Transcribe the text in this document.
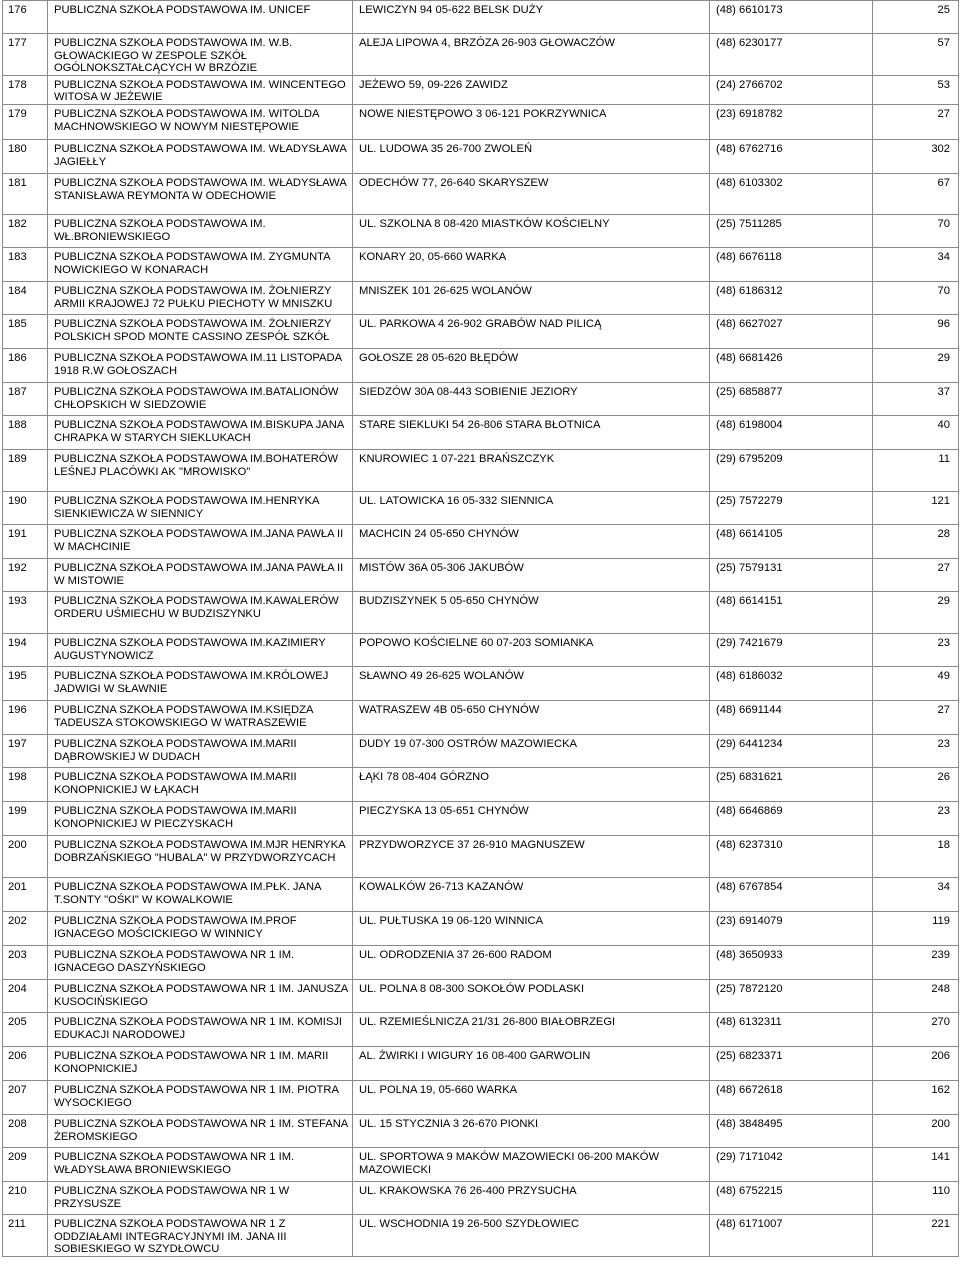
176	PUBLICZNA SZKOŁA PODSTAWOWA IM. UNICEF	LEWICZYN 94 05-622 BELSK DUŻY	(48) 6610173	25
177	PUBLICZNA SZKOŁA PODSTAWOWA IM. W.B. GŁOWACKIEGO W ZESPOLE SZKÓŁ OGÓLNOKSZTAŁCĄCYCH W BRZÓZIE	ALEJA LIPOWA 4, BRZÓZA 26-903 GŁOWACZÓW	(48) 6230177	57
178	PUBLICZNA SZKOŁA PODSTAWOWA IM. WINCENTEGO WITOSA W JEŻEWIE	JEŻEWO 59, 09-226 ZAWIDZ	(24) 2766702	53
179	PUBLICZNA SZKOŁA PODSTAWOWA IM. WITOLDA MACHNOWSKIEGO W NOWYM NIESTĘPOWIE	NOWE NIESTĘPOWO 3 06-121 POKRZYWNICA	(23) 6918782	27
180	PUBLICZNA SZKOŁA PODSTAWOWA IM. WŁADYSŁAWA JAGIEŁŁY	UL. LUDOWA 35 26-700 ZWOLEŃ	(48) 6762716	302
181	PUBLICZNA SZKOŁA PODSTAWOWA IM. WŁADYSŁAWA STANISŁAWA REYMONTA W ODECHOWIE	ODECHÓW 77, 26-640 SKARYSZEW	(48) 6103302	67
182	PUBLICZNA SZKOŁA PODSTAWOWA IM. WŁ.BRONIEWSKIEGO	UL. SZKOLNA 8 08-420 MIASTKÓW KOŚCIELNY	(25) 7511285	70
183	PUBLICZNA SZKOŁA PODSTAWOWA IM. ZYGMUNTA NOWICKIEGO W KONARACH	KONARY 20, 05-660 WARKA	(48) 6676118	34
184	PUBLICZNA SZKOŁA PODSTAWOWA IM. ŻOŁNIERZY ARMII KRAJOWEJ 72 PUŁKU PIECHOTY W MNISZKU	MNISZEK 101 26-625 WOLANÓW	(48) 6186312	70
185	PUBLICZNA SZKOŁA PODSTAWOWA IM. ŻOŁNIERZY POLSKICH SPOD MONTE CASSINO ZESPÓŁ SZKÓŁ	UL. PARKOWA 4 26-902 GRABÓW NAD PILICĄ	(48) 6627027	96
186	PUBLICZNA SZKOŁA PODSTAWOWA IM.11 LISTOPADA 1918 R.W GOŁOSZACH	GOŁOSZE 28 05-620 BŁĘDÓW	(48) 6681426	29
187	PUBLICZNA SZKOŁA PODSTAWOWA IM.BATALIONÓW CHŁOPSKICH W SIEDZOWIE	SIEDZÓW 30A 08-443 SOBIENIE JEZIORY	(25) 6858877	37
188	PUBLICZNA SZKOŁA PODSTAWOWA IM.BISKUPA JANA CHRAPKA W STARYCH SIEKLUKACH	STARE SIEKLUKI 54 26-806 STARA BŁOTNICA	(48) 6198004	40
189	PUBLICZNA SZKOŁA PODSTAWOWA IM.BOHATERÓW LEŚNEJ PLACÓWKI AK "MROWISKO"	KNUROWIEC 1 07-221 BRAŃSZCZYK	(29) 6795209	11
190	PUBLICZNA SZKOŁA PODSTAWOWA IM.HENRYKA SIENKIEWICZA W SIENNICY	UL. LATOWICKA 16 05-332 SIENNICA	(25) 7572279	121
191	PUBLICZNA SZKOŁA PODSTAWOWA IM.JANA PAWŁA II W MACHCINIE	MACHCIN 24 05-650 CHYNÓW	(48) 6614105	28
192	PUBLICZNA SZKOŁA PODSTAWOWA IM.JANA PAWŁA II W MISTOWIE	MISTÓW 36A 05-306 JAKUBÓW	(25) 7579131	27
193	PUBLICZNA SZKOŁA PODSTAWOWA IM.KAWALERÓW ORDERU UŚMIECHU W BUDZISZYNKU	BUDZISZYNEK 5 05-650 CHYNÓW	(48) 6614151	29
194	PUBLICZNA SZKOŁA PODSTAWOWA IM.KAZIMIERY AUGUSTYNOWICZ	POPOWO KOŚCIELNE 60 07-203 SOMIANKA	(29) 7421679	23
195	PUBLICZNA SZKOŁA PODSTAWOWA IM.KRÓLOWEJ JADWIGI W SŁAWNIE	SŁAWNO 49 26-625 WOLANÓW	(48) 6186032	49
196	PUBLICZNA SZKOŁA PODSTAWOWA IM.KSIĘDZA TADEUSZA STOKOWSKIEGO W WATRASZEWIE	WATRASZEW 4B 05-650 CHYNÓW	(48) 6691144	27
197	PUBLICZNA SZKOŁA PODSTAWOWA IM.MARII DĄBROWSKIEJ W DUDACH	DUDY 19 07-300 OSTRÓW MAZOWIECKA	(29) 6441234	23
198	PUBLICZNA SZKOŁA PODSTAWOWA IM.MARII KONOPNICKIEJ W ŁĄKACH	ŁĄKI 78 08-404 GÓRZNO	(25) 6831621	26
199	PUBLICZNA SZKOŁA PODSTAWOWA IM.MARII KONOPNICKIEJ W PIECZYSKACH	PIECZYSKA 13 05-651 CHYNÓW	(48) 6646869	23
200	PUBLICZNA SZKOŁA PODSTAWOWA IM.MJR HENRYKA DOBRZAŃSKIEGO "HUBALA" W PRZYDWORZYCACH	PRZYDWORZYCE 37 26-910 MAGNUSZEW	(48) 6237310	18
201	PUBLICZNA SZKOŁA PODSTAWOWA IM.PŁK. JANA T.SONTY "OŚKI" W KOWALKOWIE	KOWALKÓW 26-713 KAZANÓW	(48) 6767854	34
202	PUBLICZNA SZKOŁA PODSTAWOWA IM.PROF IGNACEGO MOŚCICKIEGO W WINNICY	UL. PUŁTUSKA 19 06-120 WINNICA	(23) 6914079	119
203	PUBLICZNA SZKOŁA PODSTAWOWA NR 1 IM. IGNACEGO DASZYŃSKIEGO	UL. ODRODZENIA 37 26-600 RADOM	(48) 3650933	239
204	PUBLICZNA SZKOŁA PODSTAWOWA NR 1 IM. JANUSZA KUSOCIŃSKIEGO	UL. POLNA 8 08-300 SOKOŁÓW PODLASKI	(25) 7872120	248
205	PUBLICZNA SZKOŁA PODSTAWOWA NR 1 IM. KOMISJI EDUKACJI NARODOWEJ	UL. RZEMIEŚLNICZA 21/31 26-800 BIAŁOBRZEGI	(48) 6132311	270
206	PUBLICZNA SZKOŁA PODSTAWOWA NR 1 IM. MARII KONOPNICKIEJ	AL. ŻWIRKI I WIGURY 16 08-400 GARWOLIN	(25) 6823371	206
207	PUBLICZNA SZKOŁA PODSTAWOWA NR 1 IM. PIOTRA WYSOCKIEGO	UL. POLNA 19, 05-660 WARKA	(48) 6672618	162
208	PUBLICZNA SZKOŁA PODSTAWOWA NR 1 IM. STEFANA ŻEROMSKIEGO	UL. 15 STYCZNIA 3 26-670 PIONKI	(48) 3848495	200
209	PUBLICZNA SZKOŁA PODSTAWOWA NR 1 IM. WŁADYSŁAWA BRONIEWSKIEGO	UL. SPORTOWA 9 MAKÓW MAZOWIECKI 06-200 MAKÓW MAZOWIECKI	(29) 7171042	141
210	PUBLICZNA SZKOŁA PODSTAWOWA NR 1 W PRZYSUSZE	UL. KRAKOWSKA 76 26-400 PRZYSUCHA	(48) 6752215	110
211	PUBLICZNA SZKOŁA PODSTAWOWA NR 1 Z ODDZIAŁAMI INTEGRACYJNYMI IM. JANA III SOBIESKIEGO W SZYDŁOWCU	UL. WSCHODNIA 19 26-500 SZYDŁOWIEC	(48) 6171007	221
